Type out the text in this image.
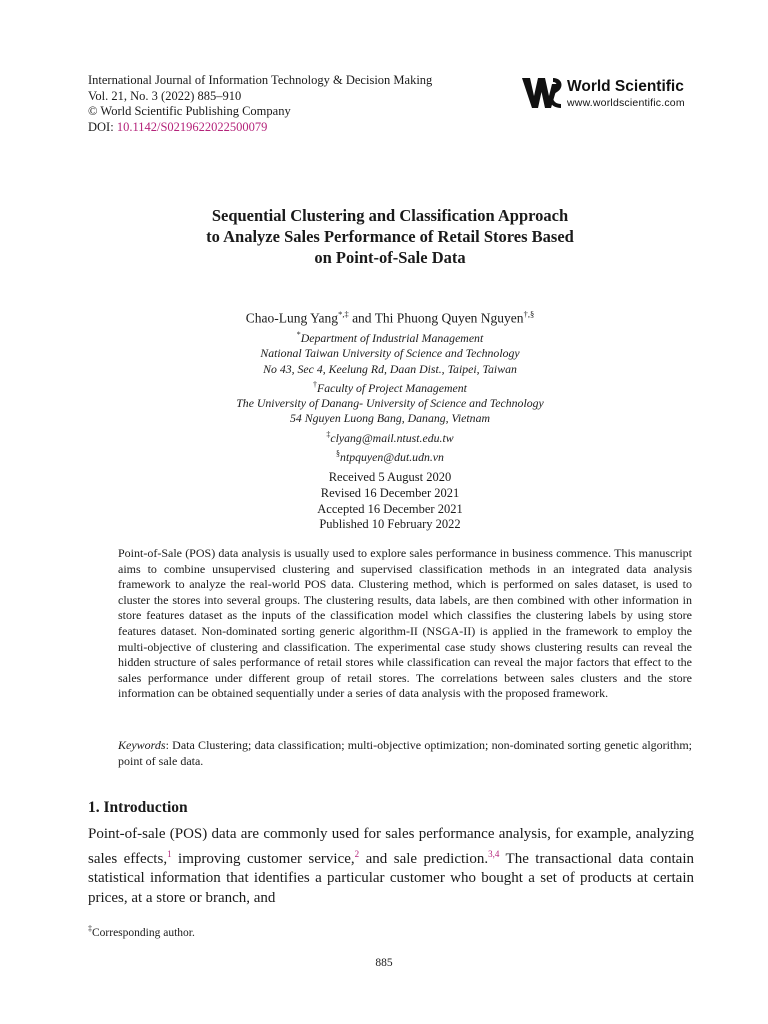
International Journal of Information Technology & Decision Making
Vol. 21, No. 3 (2022) 885–910
© World Scientific Publishing Company
DOI: 10.1142/S0219622022500079
World Scientific
www.worldscientific.com
Sequential Clustering and Classification Approach
to Analyze Sales Performance of Retail Stores Based
on Point-of-Sale Data
Chao-Lung Yang*,‡ and Thi Phuong Quyen Nguyen†,§
*Department of Industrial Management
National Taiwan University of Science and Technology
No 43, Sec 4, Keelung Rd, Daan Dist., Taipei, Taiwan
†Faculty of Project Management
The University of Danang- University of Science and Technology
54 Nguyen Luong Bang, Danang, Vietnam
‡clyang@mail.ntust.edu.tw
§ntpquyen@dut.udn.vn
Received 5 August 2020
Revised 16 December 2021
Accepted 16 December 2021
Published 10 February 2022
Point-of-Sale (POS) data analysis is usually used to explore sales performance in business commence. This manuscript aims to combine unsupervised clustering and supervised classification methods in an integrated data analysis framework to analyze the real-world POS data. Clustering method, which is performed on sales dataset, is used to cluster the stores into several groups. The clustering results, data labels, are then combined with other information in store features dataset as the inputs of the classification model which classifies the clustering labels by using store features dataset. Non-dominated sorting generic algorithm-II (NSGA-II) is applied in the framework to employ the multi-objective of clustering and classification. The experimental case study shows clustering results can reveal the hidden structure of sales performance of retail stores while classification can reveal the major factors that effect to the sales performance under different group of retail stores. The correlations between sales clusters and the store information can be obtained sequentially under a series of data analysis with the proposed framework.
Keywords: Data Clustering; data classification; multi-objective optimization; non-dominated sorting genetic algorithm; point of sale data.
1. Introduction
Point-of-sale (POS) data are commonly used for sales performance analysis, for example, analyzing sales effects,$^1$ improving customer service,$^2$ and sale prediction.$^{3,4}$ The transactional data contain statistical information that identifies a particular customer who bought a set of products at certain prices, at a store or branch, and
‡Corresponding author.
885
